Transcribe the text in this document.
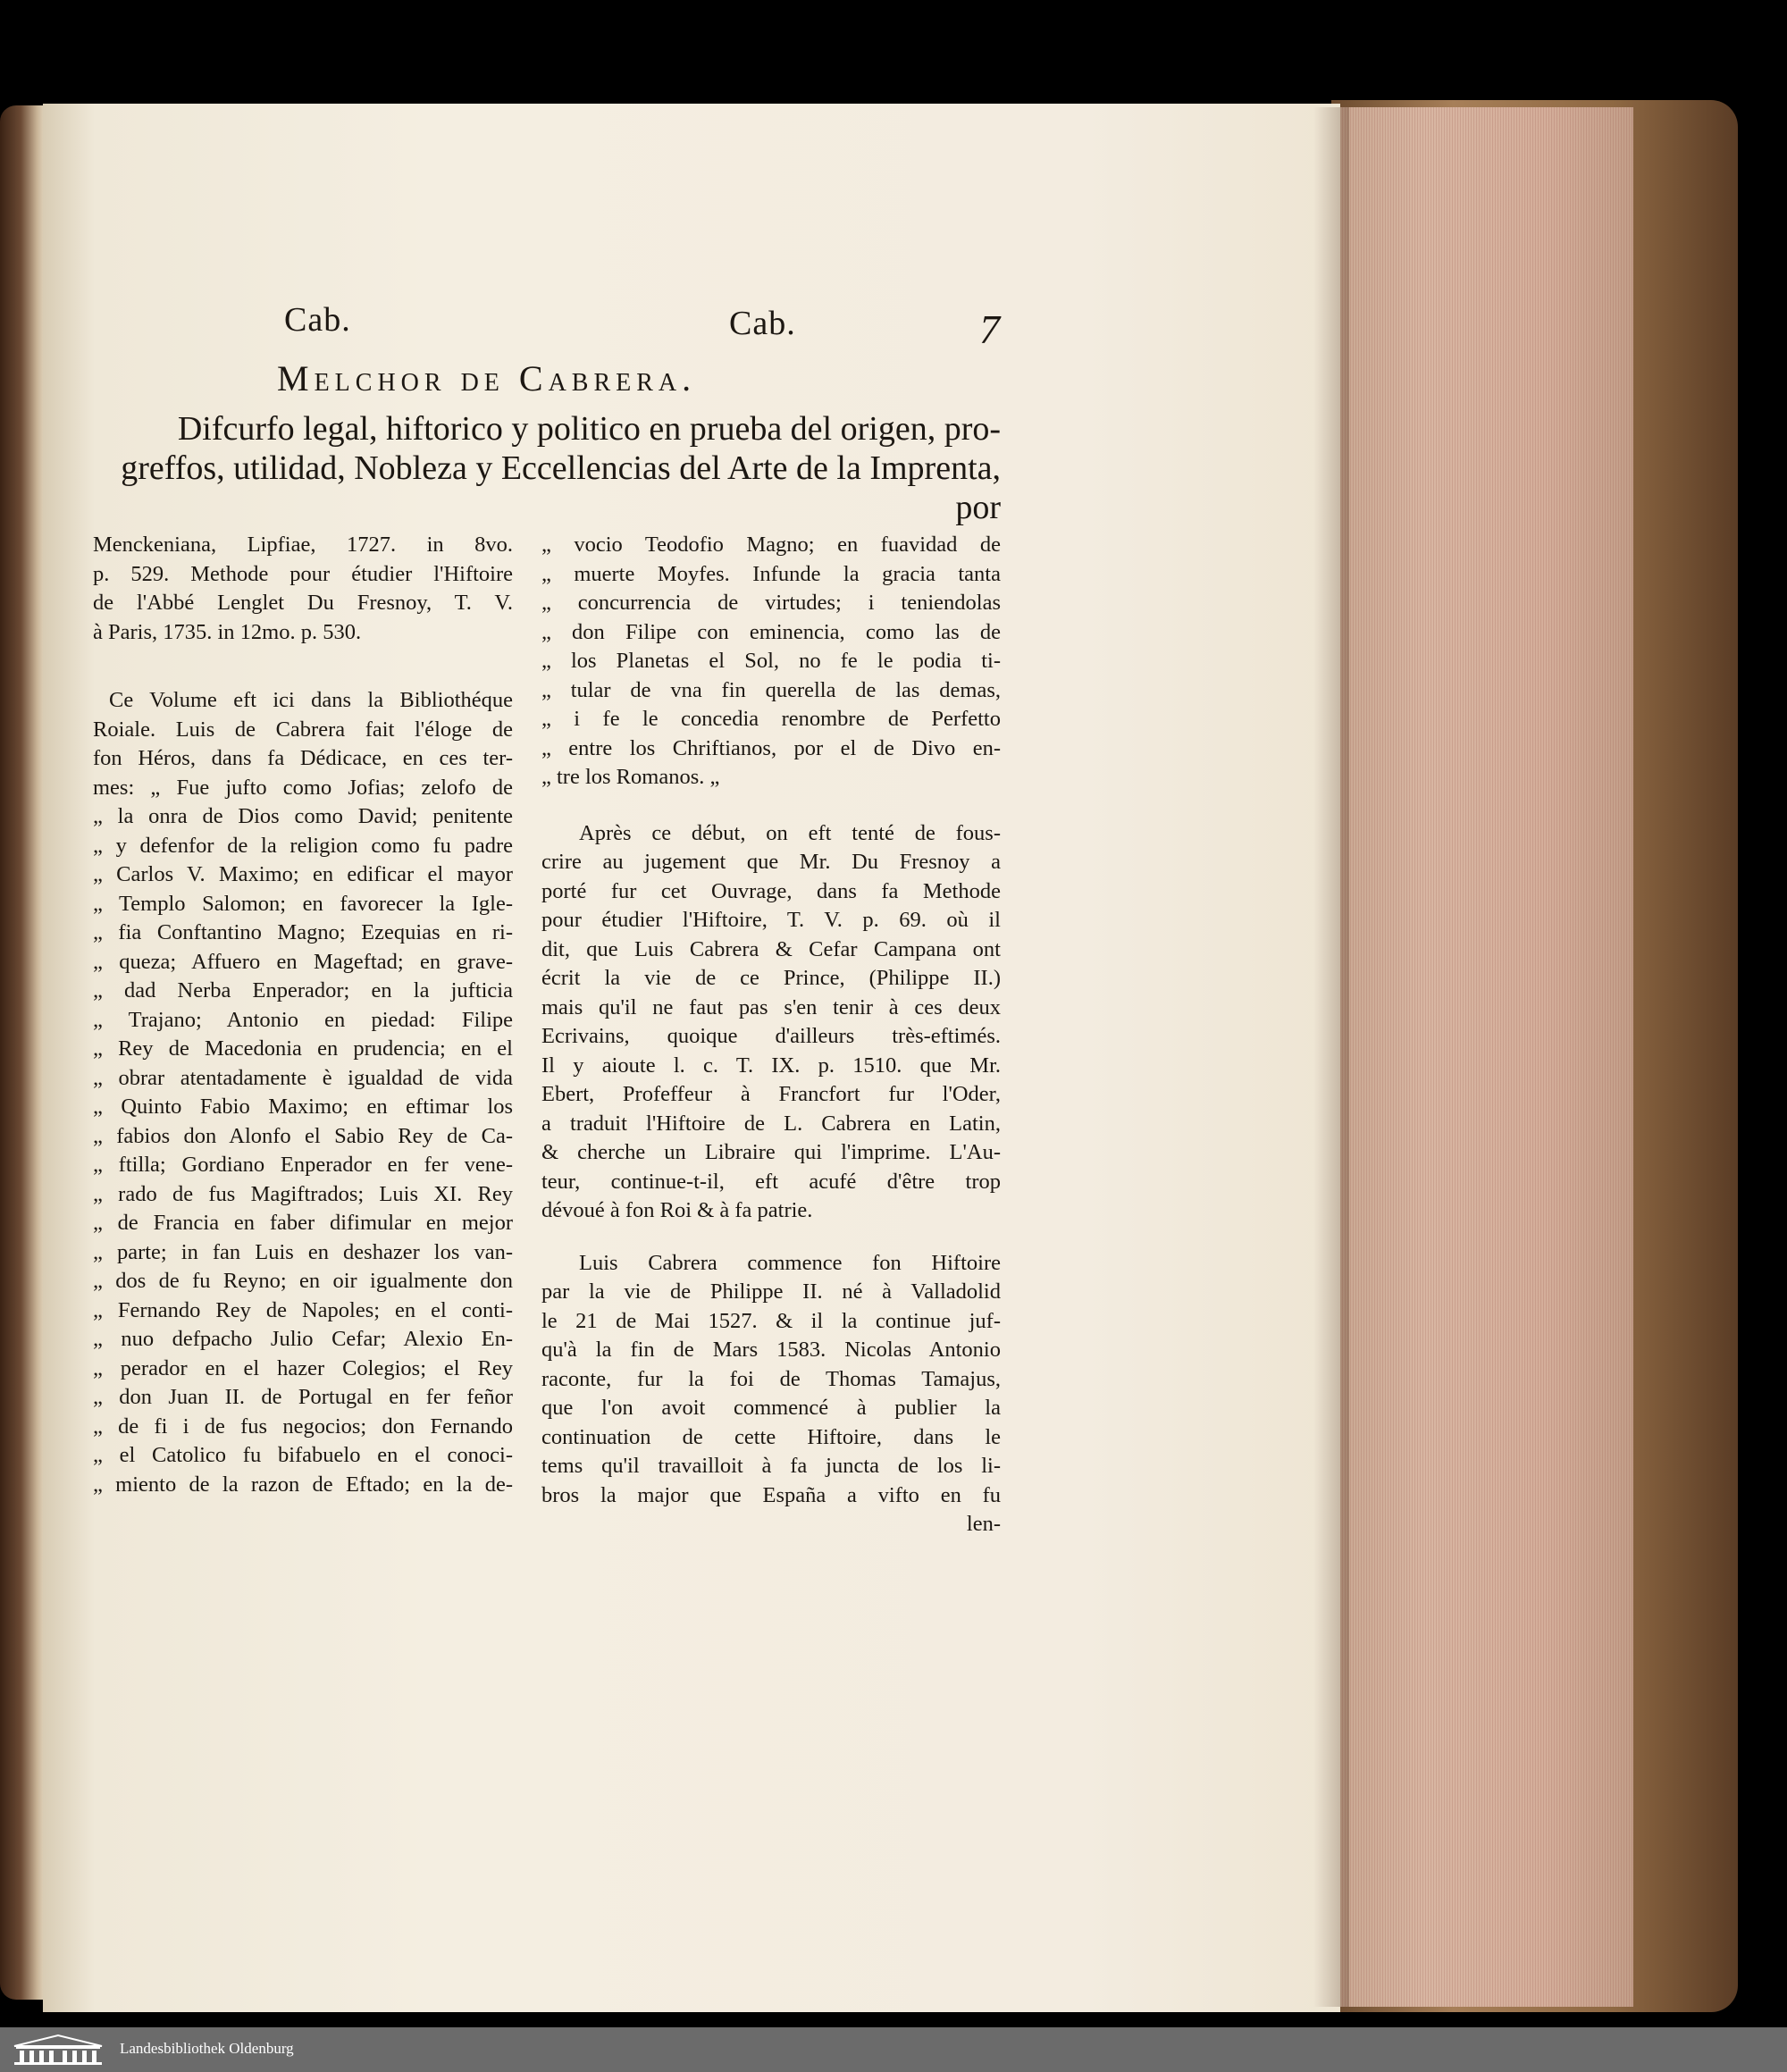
Cab.	Cab.	7
Melchor de Cabrera.
Difcurfo legal, hiftorico y politico en prueba del origen, pro-
greffos, utilidad, Nobleza y Eccellencias del Arte de la Imprenta,
por
Menckeniana, Lipfiae, 1727. in 8vo.
p. 529. Methode pour étudier l'Hiftoire
de l'Abbé Lenglet Du Fresnoy, T. V.
à Paris, 1735. in 12mo. p. 530.
Ce Volume eft ici dans la Bibliothéque
Roiale. Luis de Cabrera fait l'éloge de
fon Héros, dans fa Dédicace, en ces ter-
mes: „ Fue jufto como Jofias; zelofo de
„ la onra de Dios como David; penitente
„ y defenfor de la religion como fu padre
„ Carlos V. Maximo; en edificar el mayor
„ Templo Salomon; en favorecer la Igle-
„ fia Conftantino Magno; Ezequias en ri-
„ queza; Affuero en Mageftad; en grave-
„ dad Nerba Enperador; en la jufticia
„ Trajano; Antonio en piedad: Filipe
„ Rey de Macedonia en prudencia; en el
„ obrar atentadamente è igualdad de vida
„ Quinto Fabio Maximo; en eftimar los
„ fabios don Alonfo el Sabio Rey de Ca-
„ ftilla; Gordiano Enperador en fer vene-
„ rado de fus Magiftrados; Luis XI. Rey
„ de Francia en faber difimular en mejor
„ parte; in fan Luis en deshazer los van-
„ dos de fu Reyno; en oir igualmente don
„ Fernando Rey de Napoles; en el conti-
„ nuo defpacho Julio Cefar; Alexio En-
„ perador en el hazer Colegios; el Rey
„ don Juan II. de Portugal en fer feñor
„ de fi i de fus negocios; don Fernando
„ el Catolico fu bifabuelo en el conoci-
„ miento de la razon de Eftado; en la de-
„ vocio Teodofio Magno; en fuavidad de
„ muerte Moyfes. Infunde la gracia tanta
„ concurrencia de virtudes; i teniendolas
„ don Filipe con eminencia, como las de
„ los Planetas el Sol, no fe le podia ti-
„ tular de vna fin querella de las demas,
„ i fe le concedia renombre de Perfetto
„ entre los Chriftianos, por el de Divo en-
„ tre los Romanos. „
Après ce début, on eft tenté de fous-
crire au jugement que Mr. Du Fresnoy a
porté fur cet Ouvrage, dans fa Methode
pour étudier l'Hiftoire, T. V. p. 69. où il
dit, que Luis Cabrera & Cefar Campana ont
écrit la vie de ce Prince, (Philippe II.)
mais qu'il ne faut pas s'en tenir à ces deux
Ecrivains, quoique d'ailleurs très-eftimés.
Il y aioute l. c. T. IX. p. 1510. que Mr.
Ebert, Profeffeur à Francfort fur l'Oder,
a traduit l'Hiftoire de L. Cabrera en Latin,
& cherche un Libraire qui l'imprime. L'Au-
teur, continue-t-il, eft acufé d'être trop
dévoué à fon Roi & à fa patrie.
Luis Cabrera commence fon Hiftoire
par la vie de Philippe II. né à Valladolid
le 21 de Mai 1527. & il la continue juf-
qu'à la fin de Mars 1583. Nicolas Antonio
raconte, fur la foi de Thomas Tamajus,
que l'on avoit commencé à publier la
continuation de cette Hiftoire, dans le
tems qu'il travailloit à fa juncta de los li-
bros la major que España a vifto en fu
len-
Landesbibliothek Oldenburg
